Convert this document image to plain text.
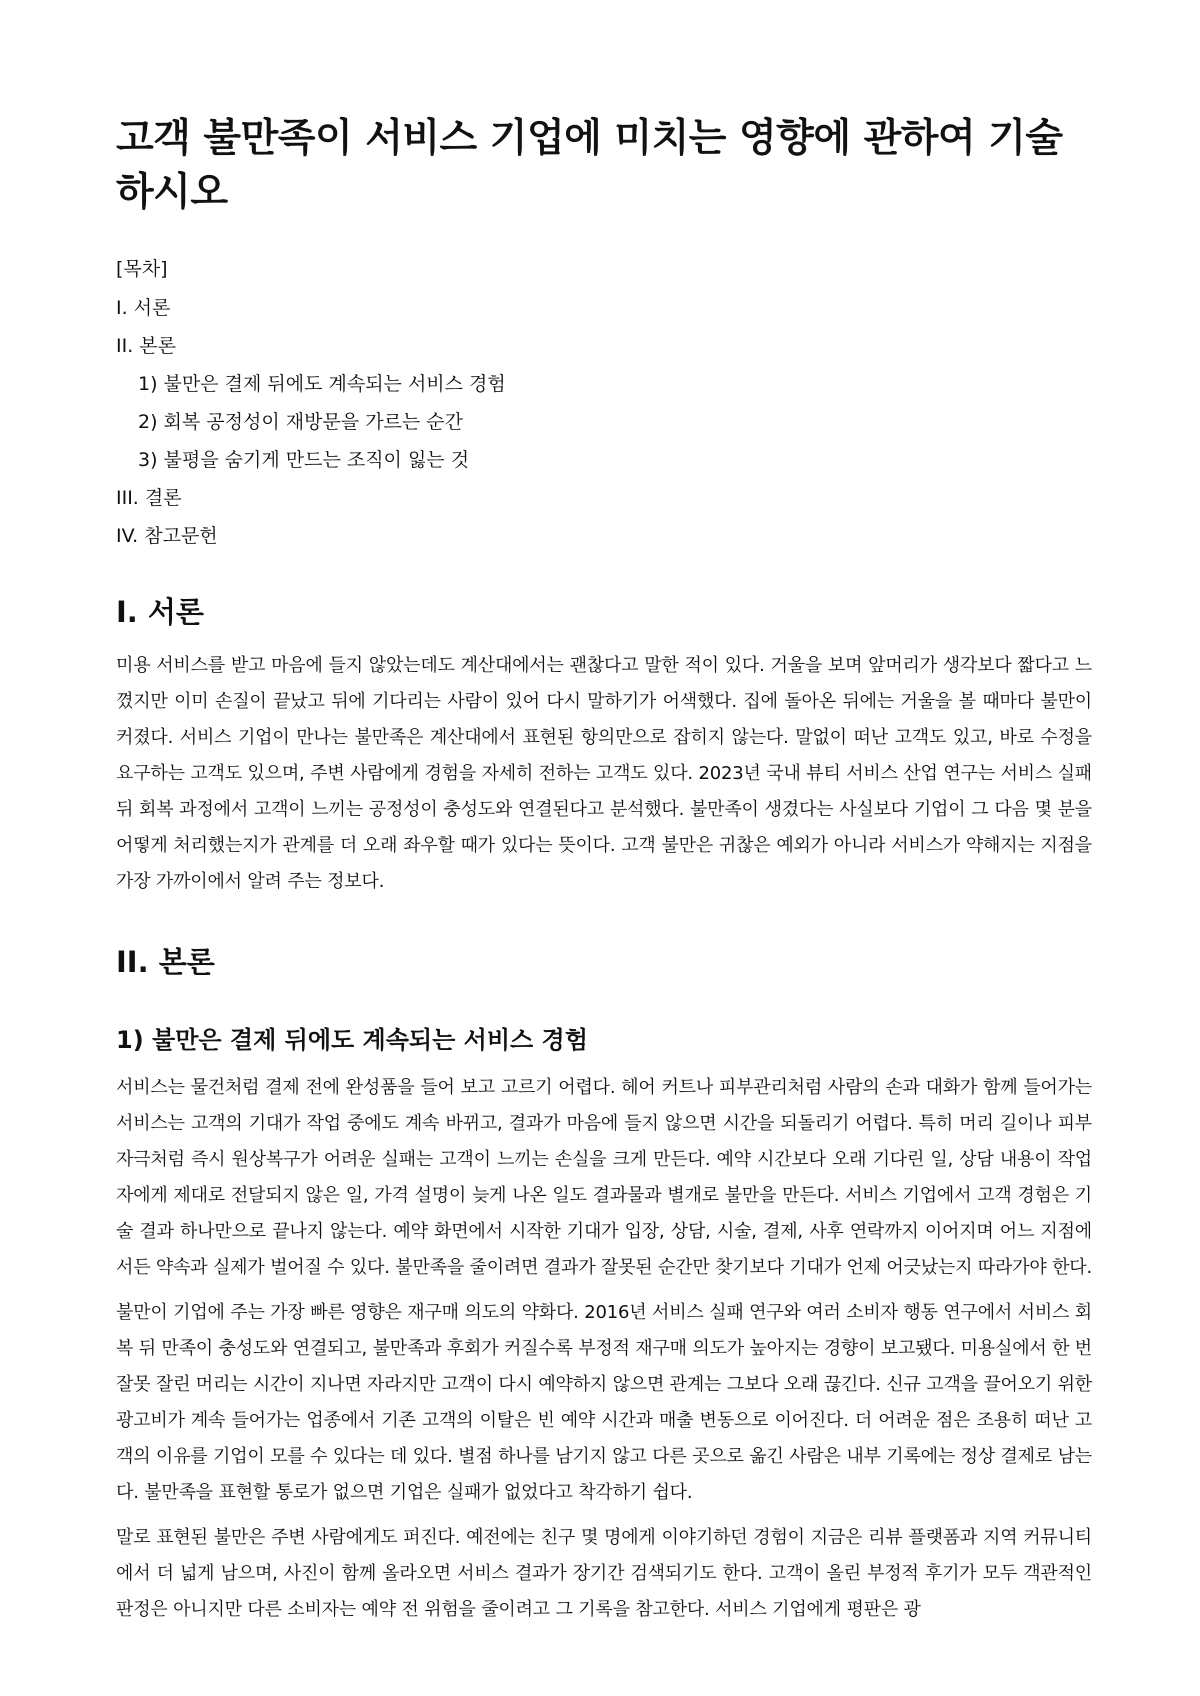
고객 불만족이 서비스 기업에 미치는 영향에 관하여 기술하시오
[목차]
I. 서론
II. 본론
1) 불만은 결제 뒤에도 계속되는 서비스 경험
2) 회복 공정성이 재방문을 가르는 순간
3) 불평을 숨기게 만드는 조직이 잃는 것
III. 결론
IV. 참고문헌
I. 서론

미용 서비스를 받고 마음에 들지 않았는데도 계산대에서는 괜찮다고 말한 적이 있다. 거울을 보며 앞머리가 생각보다 짧다고 느꼈지만 이미 손질이 끝났고 뒤에 기다리는 사람이 있어 다시 말하기가 어색했다. 집에 돌아온 뒤에는 거울을 볼 때마다 불만이 커졌다. 서비스 기업이 만나는 불만족은 계산대에서 표현된 항의만으로 잡히지 않는다. 말없이 떠난 고객도 있고, 바로 수정을 요구하는 고객도 있으며, 주변 사람에게 경험을 자세히 전하는 고객도 있다. 2023년 국내 뷰티 서비스 산업 연구는 서비스 실패 뒤 회복 과정에서 고객이 느끼는 공정성이 충성도와 연결된다고 분석했다. 불만족이 생겼다는 사실보다 기업이 그 다음 몇 분을 어떻게 처리했는지가 관계를 더 오래 좌우할 때가 있다는 뜻이다. 고객 불만은 귀찮은 예외가 아니라 서비스가 약해지는 지점을 가장 가까이에서 알려 주는 정보다.

II. 본론
1) 불만은 결제 뒤에도 계속되는 서비스 경험

서비스는 물건처럼 결제 전에 완성품을 들어 보고 고르기 어렵다. 헤어 커트나 피부관리처럼 사람의 손과 대화가 함께 들어가는 서비스는 고객의 기대가 작업 중에도 계속 바뀌고, 결과가 마음에 들지 않으면 시간을 되돌리기 어렵다. 특히 머리 길이나 피부 자극처럼 즉시 원상복구가 어려운 실패는 고객이 느끼는 손실을 크게 만든다. 예약 시간보다 오래 기다린 일, 상담 내용이 작업자에게 제대로 전달되지 않은 일, 가격 설명이 늦게 나온 일도 결과물과 별개로 불만을 만든다. 서비스 기업에서 고객 경험은 기술 결과 하나만으로 끝나지 않는다. 예약 화면에서 시작한 기대가 입장, 상담, 시술, 결제, 사후 연락까지 이어지며 어느 지점에서든 약속과 실제가 벌어질 수 있다. 불만족을 줄이려면 결과가 잘못된 순간만 찾기보다 기대가 언제 어긋났는지 따라가야 한다.

불만이 기업에 주는 가장 빠른 영향은 재구매 의도의 약화다. 2016년 서비스 실패 연구와 여러 소비자 행동 연구에서 서비스 회복 뒤 만족이 충성도와 연결되고, 불만족과 후회가 커질수록 부정적 재구매 의도가 높아지는 경향이 보고됐다. 미용실에서 한 번 잘못 잘린 머리는 시간이 지나면 자라지만 고객이 다시 예약하지 않으면 관계는 그보다 오래 끊긴다. 신규 고객을 끌어오기 위한 광고비가 계속 들어가는 업종에서 기존 고객의 이탈은 빈 예약 시간과 매출 변동으로 이어진다. 더 어려운 점은 조용히 떠난 고객의 이유를 기업이 모를 수 있다는 데 있다. 별점 하나를 남기지 않고 다른 곳으로 옮긴 사람은 내부 기록에는 정상 결제로 남는다. 불만족을 표현할 통로가 없으면 기업은 실패가 없었다고 착각하기 쉽다.

말로 표현된 불만은 주변 사람에게도 퍼진다. 예전에는 친구 몇 명에게 이야기하던 경험이 지금은 리뷰 플랫폼과 지역 커뮤니티에서 더 넓게 남으며, 사진이 함께 올라오면 서비스 결과가 장기간 검색되기도 한다. 고객이 올린 부정적 후기가 모두 객관적인 판정은 아니지만 다른 소비자는 예약 전 위험을 줄이려고 그 기록을 참고한다. 서비스 기업에게 평판은 광
